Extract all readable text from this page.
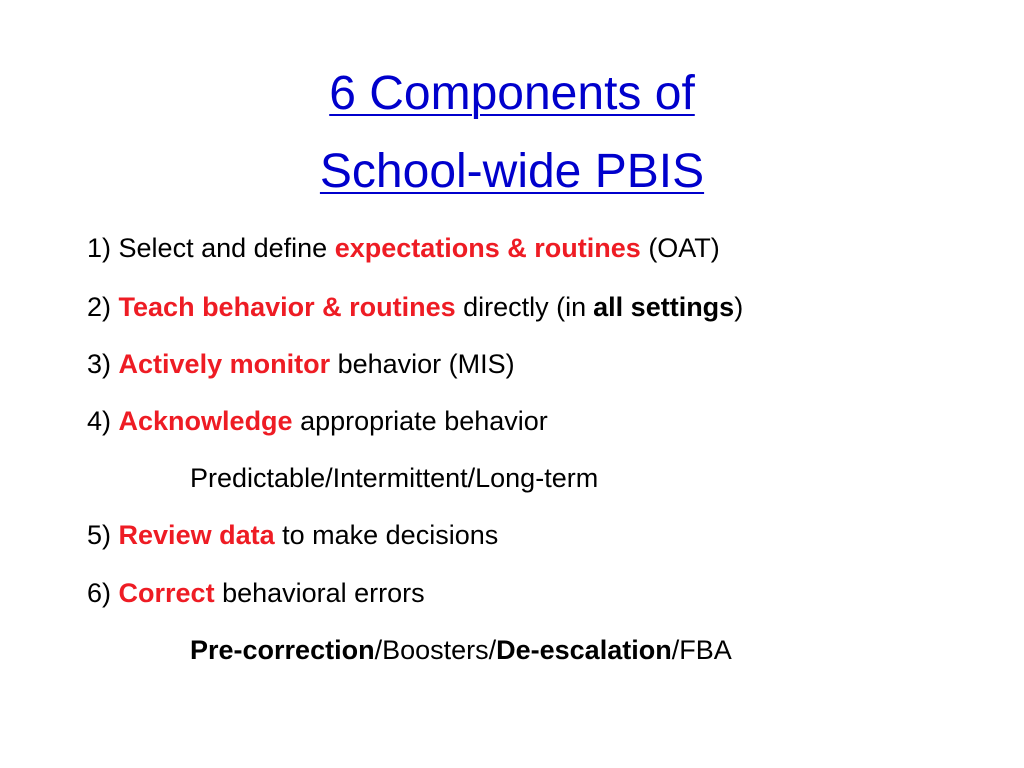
6 Components of
School-wide PBIS
1) Select and define expectations & routines (OAT)
2) Teach behavior & routines directly (in all settings)
3) Actively monitor behavior (MIS)
4) Acknowledge appropriate behavior
Predictable/Intermittent/Long-term
5) Review data to make decisions
6) Correct behavioral errors
Pre-correction/Boosters/De-escalation/FBA
